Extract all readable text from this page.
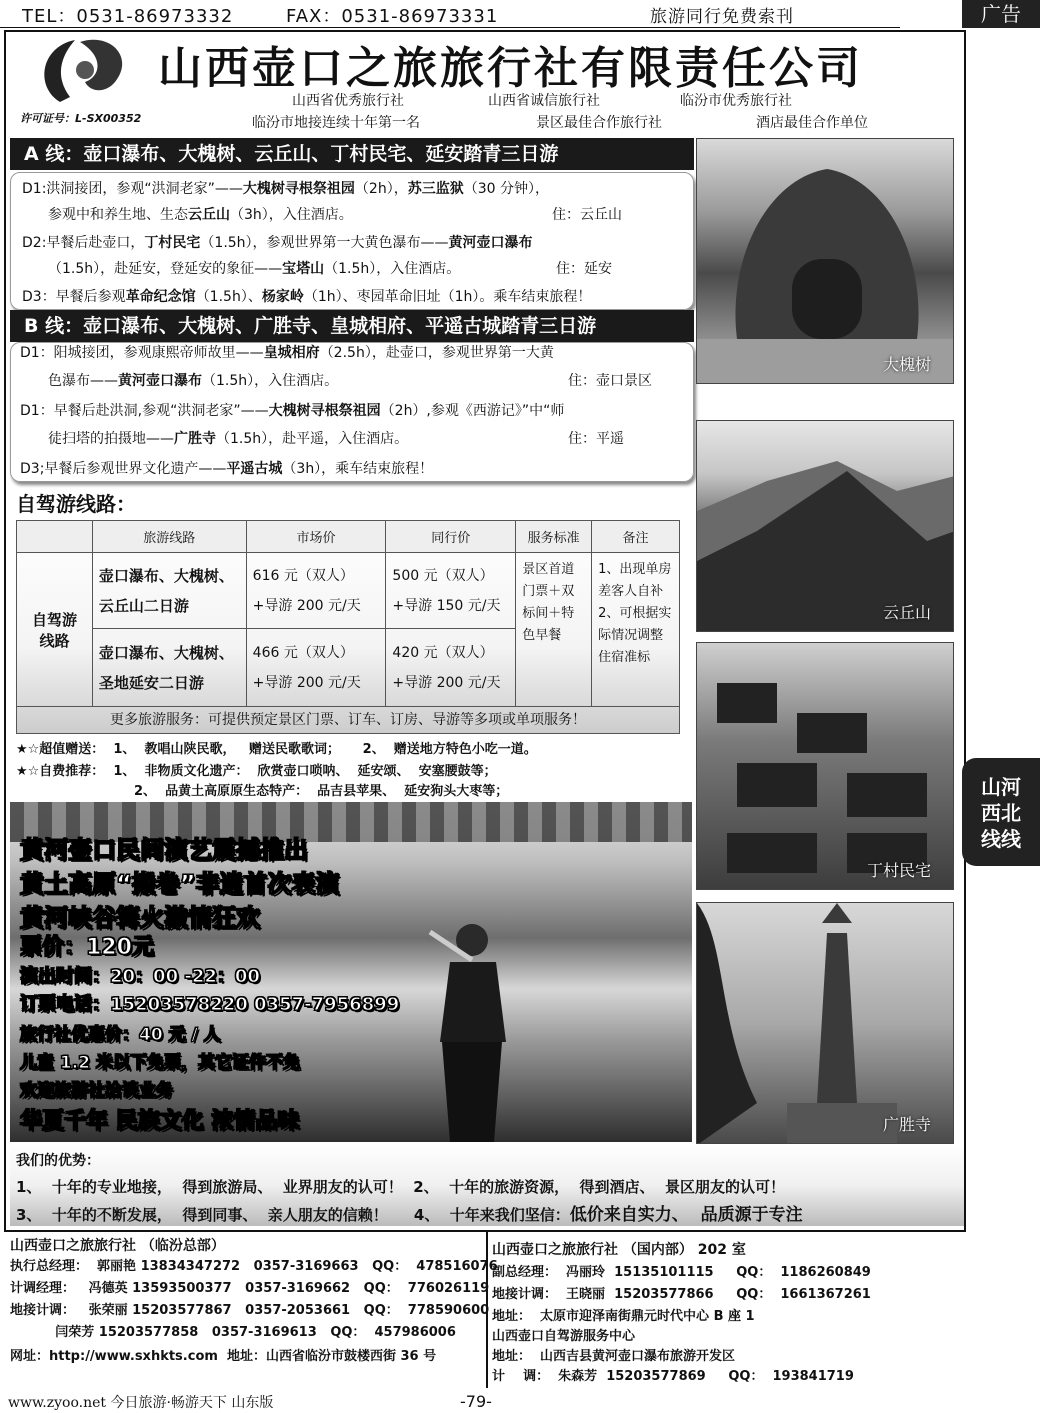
TEL：0531-86973332	FAX：0531-86973331	旅游同行免费索刊	广告
山西壶口之旅旅行社有限责任公司
山西省优秀旅行社	山西省诚信旅行社	临汾市优秀旅行社
临汾市地接连续十年第一名	景区最佳合作旅行社	酒店最佳合作单位
许可证号：L-SX00352
A 线：壶口瀑布、大槐树、云丘山、丁村民宅、延安踏青三日游
D1:洪洞接团，参观“洪洞老家”——大槐树寻根祭祖园（2h），苏三监狱（30 分钟），
参观中和养生地、生态云丘山（3h），入住酒店。	住：云丘山
D2:早餐后赴壶口，丁村民宅（1.5h），参观世界第一大黄色瀑布——黄河壶口瀑布
（1.5h），赴延安，登延安的象征——宝塔山（1.5h），入住酒店。	住：延安
D3：早餐后参观革命纪念馆（1.5h）、杨家岭（1h）、枣园革命旧址（1h）。乘车结束旅程！
B 线：壶口瀑布、大槐树、广胜寺、皇城相府、平遥古城踏青三日游
D1：阳城接团，参观康熙帝师故里——皇城相府（2.5h），赴壶口，参观世界第一大黄
色瀑布——黄河壶口瀑布（1.5h），入住酒店。	住：壶口景区
D1：早餐后赴洪洞,参观“洪洞老家”——大槐树寻根祭祖园（2h）,参观《西游记》”中“师
徒扫塔的拍摄地——广胜寺（1.5h），赴平遥，入住酒店。	住：平遥
D3;早餐后参观世界文化遗产——平遥古城（3h），乘车结束旅程！
自驾游线路：
	旅游线路	市场价	同行价	服务标准	备注
自驾游线路	壶口瀑布、大槐树、云丘山二日游	616 元（双人）+导游 200 元/天	500 元（双人）+导游 150 元/天	景区首道门票＋双标间＋特色早餐	1、出现单房差客人自补 2、可根据实际情况调整住宿准标
	壶口瀑布、大槐树、圣地延安二日游	466 元（双人）+导游 200 元/天	420 元（双人）+导游 200 元/天		
更多旅游服务：可提供预定景区门票、订车、订房、导游等多项或单项服务！
★☆超值赠送：  1、  教唱山陕民歌，   赠送民歌歌词；     2、  赠送地方特色小吃一道。
★☆自费推荐：  1、  非物质文化遗产：  欣赏壶口唢呐、  延安颂、  安塞腰鼓等；
2、  品黄土高原原生态特产：  品吉县苹果、  延安狗头大枣等；
黄河壶口民间演艺震撼推出
黄土高原“搬卷”非遗首次表演
黄河峡谷篝火激情狂欢
票价：120元
演出时间：20：00 -22：00
订票电话：15203578220 0357-7956899
旅行社优惠价：40 元 / 人
儿童 1.2 米以下免票，其它证件不免
欢迎旅游社洽谈业务
华夏千年 民族文化 浓情品味
我们的优势：
1、  十年的专业地接，  得到旅游局、  业界朋友的认可！  2、  十年的旅游资源，  得到酒店、  景区朋友的认可！
3、  十年的不断发展，  得到同事、  亲人朋友的信赖！     4、  十年来我们坚信：低价来自实力、  品质源于专注
山西壶口之旅旅行社 （临汾总部）
执行总经理：  郭丽艳 13834347272   0357-3169663   QQ：  478516076
计调经理：   冯德英 13593500377   0357-3169662   QQ：  776026119
地接计调：   张荣丽 15203577867   0357-2053661   QQ：  778590600
闫荣芳 15203577858   0357-3169613   QQ：  457986006
网址：http://www.sxhkts.com  地址：山西省临汾市鼓楼西街 36 号
山西壶口之旅旅行社 （国内部） 202 室
副总经理：  冯丽玲  15135101115     QQ：  1186260849
地接计调：  王晓丽  15203577866     QQ：  1661367261
地址：  太原市迎泽南街鼎元时代中心 B 座 1
山西壶口自驾游服务中心
地址：  山西吉县黄河壶口瀑布旅游开发区
计    调：  朱森芳  15203577869     QQ：  193841719
大槐树
云丘山
丁村民宅
广胜寺
山河
西北
线线
www.zyoo.net 今日旅游·畅游天下 山东版	-79-
